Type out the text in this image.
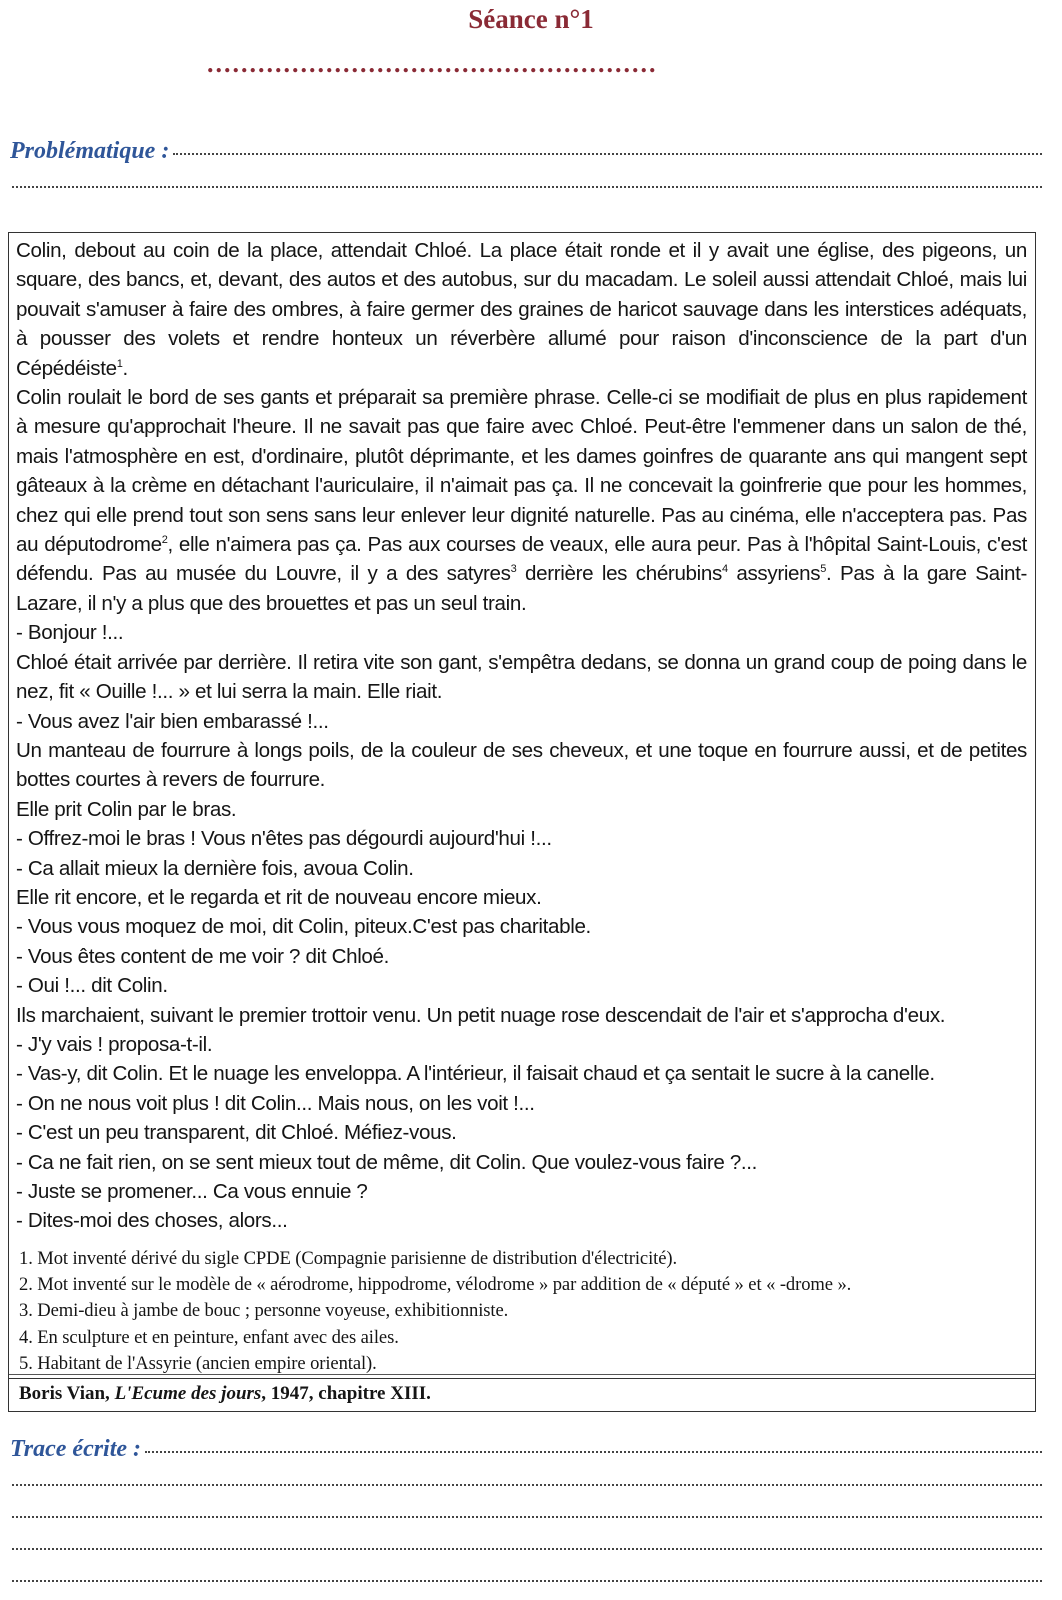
Séance n°1
.....................................................
Problématique :

Colin, debout au coin de la place, attendait Chloé. La place était ronde et il y avait une église, des pigeons, un square, des bancs, et, devant, des autos et des autobus, sur du macadam. Le soleil aussi attendait Chloé, mais lui pouvait s'amuser à faire des ombres, à faire germer des graines de haricot sauvage dans les interstices adéquats, à pousser des volets et rendre honteux un réverbère allumé pour raison d'inconscience de la part d'un Cépédéiste$^1$.

Colin roulait le bord de ses gants et préparait sa première phrase. Celle-ci se modifiait de plus en plus rapidement à mesure qu'approchait l'heure. Il ne savait pas que faire avec Chloé. Peut-être l'emmener dans un salon de thé, mais l'atmosphère en est, d'ordinaire, plutôt déprimante, et les dames goinfres de quarante ans qui mangent sept gâteaux à la crème en détachant l'auriculaire, il n'aimait pas ça. Il ne concevait la goinfrerie que pour les hommes, chez qui elle prend tout son sens sans leur enlever leur dignité naturelle. Pas au cinéma, elle n'acceptera pas. Pas au députodrome$^2$, elle n'aimera pas ça. Pas aux courses de veaux, elle aura peur. Pas à l'hôpital Saint-Louis, c'est défendu. Pas au musée du Louvre, il y a des satyres$^3$ derrière les chérubins$^4$ assyriens$^5$. Pas à la gare Saint-Lazare, il n'y a plus que des brouettes et pas un seul train.

- Bonjour !...

Chloé était arrivée par derrière. Il retira vite son gant, s'empêtra dedans, se donna un grand coup de poing dans le nez, fit « Ouille !... » et lui serra la main. Elle riait.

- Vous avez l'air bien embarassé !...

Un manteau de fourrure à longs poils, de la couleur de ses cheveux, et une toque en fourrure aussi, et de petites bottes courtes à revers de fourrure.

Elle prit Colin par le bras.

- Offrez-moi le bras ! Vous n'êtes pas dégourdi aujourd'hui !...

- Ca allait mieux la dernière fois, avoua Colin.

Elle rit encore, et le regarda et rit de nouveau encore mieux.

- Vous vous moquez de moi, dit Colin, piteux.C'est pas charitable.

- Vous êtes content de me voir ? dit Chloé.

- Oui !... dit Colin.

Ils marchaient, suivant le premier trottoir venu. Un petit nuage rose descendait de l'air et s'approcha d'eux.

- J'y vais ! proposa-t-il.

- Vas-y, dit Colin. Et le nuage les enveloppa. A l'intérieur, il faisait chaud et ça sentait le sucre à la canelle.

- On ne nous voit plus ! dit Colin... Mais nous, on les voit !...

- C'est un peu transparent, dit Chloé. Méfiez-vous.

- Ca ne fait rien, on se sent mieux tout de même, dit Colin. Que voulez-vous faire ?...

- Juste se promener... Ca vous ennuie ?

- Dites-moi des choses, alors...

1. Mot inventé dérivé du sigle CPDE (Compagnie parisienne de distribution d'électricité).
2. Mot inventé sur le modèle de « aérodrome, hippodrome, vélodrome » par addition de « député » et « -drome ».
3. Demi-dieu à jambe de bouc ; personne voyeuse, exhibitionniste.
4. En sculpture et en peinture, enfant avec des ailes.
5. Habitant de l'Assyrie (ancien empire oriental).
Boris Vian, L'Ecume des jours, 1947, chapitre XIII.
Trace écrite :
